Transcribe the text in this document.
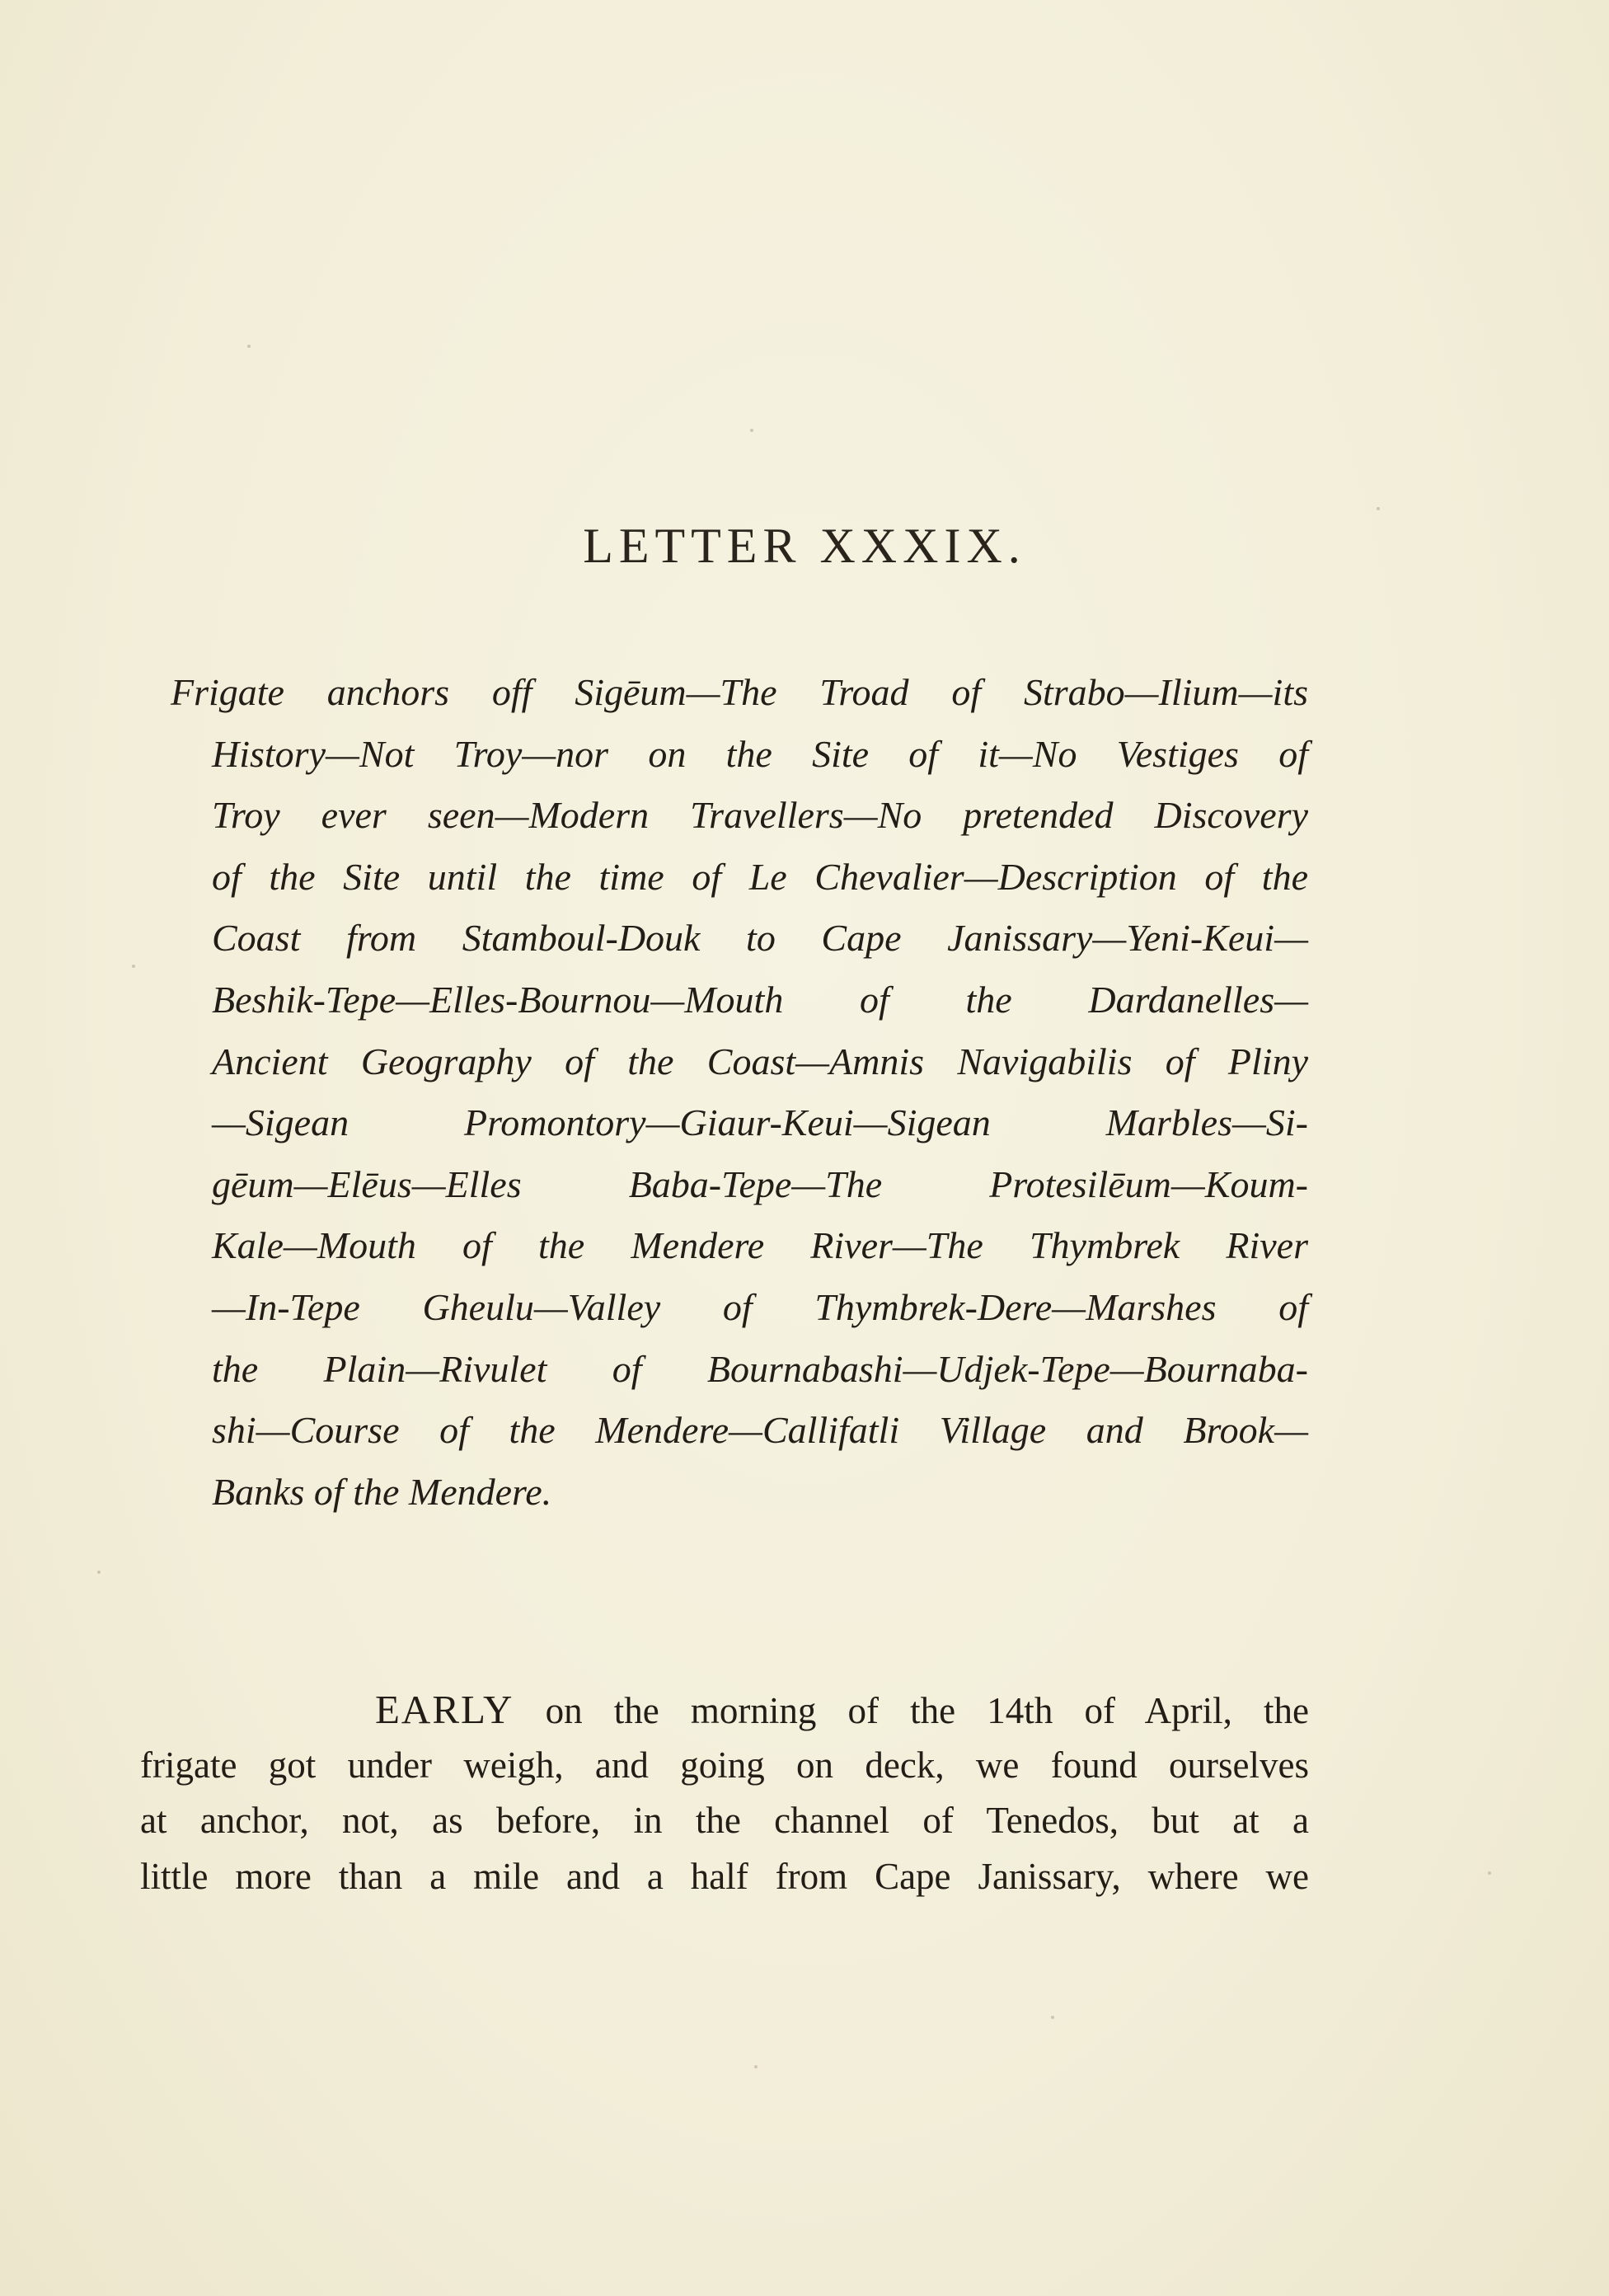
LETTER XXXIX.
Frigate anchors off Sigēum—The Troad of Strabo—Ilium—its
History—Not Troy—nor on the Site of it—No Vestiges of
Troy ever seen—Modern Travellers—No pretended Discovery
of the Site until the time of Le Chevalier—Description of the
Coast from Stamboul-Douk to Cape Janissary—Yeni-Keui—
Beshik-Tepe—Elles-Bournou—Mouth of the Dardanelles—
Ancient Geography of the Coast—Amnis Navigabilis of Pliny
—Sigean Promontory—Giaur-Keui—Sigean Marbles—Si-
gēum—Elēus—Elles Baba-Tepe—The Protesilēum—Koum-
Kale—Mouth of the Mendere River—The Thymbrek River
—In-Tepe Gheulu—Valley of Thymbrek-Dere—Marshes of
the Plain—Rivulet of Bournabashi—Udjek-Tepe—Bournaba-
shi—Course of the Mendere—Callifatli Village and Brook—
Banks of the Mendere.
EARLY on the morning of the 14th of April, the
frigate got under weigh, and going on deck, we found ourselves
at anchor, not, as before, in the channel of Tenedos, but at a
little more than a mile and a half from Cape Janissary, where we
